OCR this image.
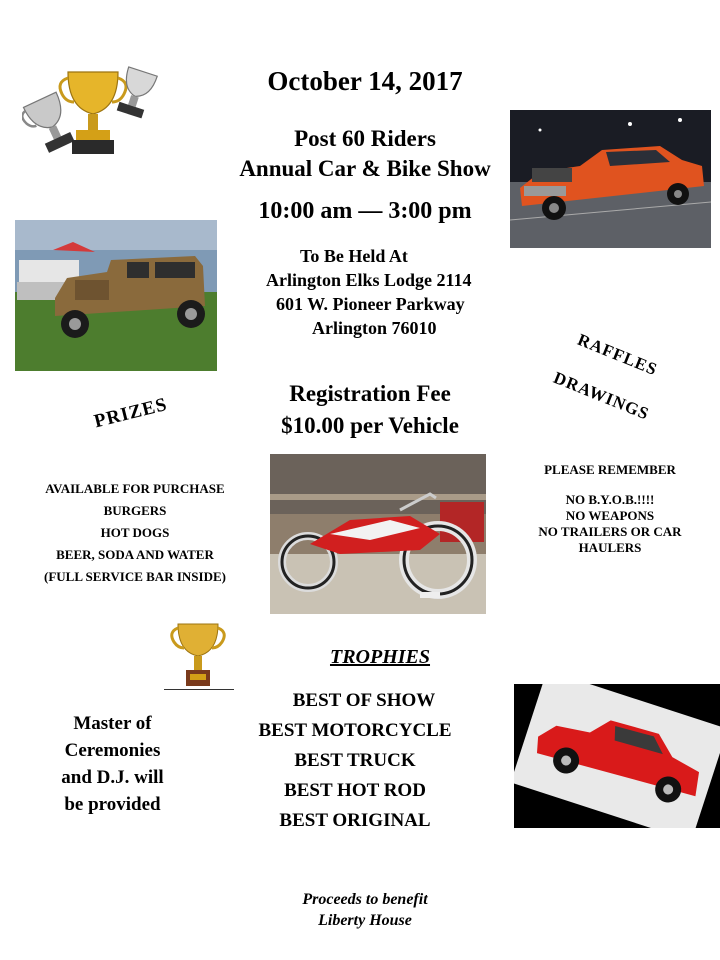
October 14, 2017
Post 60 Riders
Annual Car & Bike Show
10:00 am — 3:00 pm
To Be Held At
Arlington Elks Lodge 2114
601 W. Pioneer Parkway
Arlington 76010
Registration Fee
$10.00 per Vehicle
PRIZES
AVAILABLE FOR PURCHASE
BURGERS
HOT DOGS
BEER, SODA AND WATER
(FULL SERVICE BAR INSIDE)
RAFFLES
DRAWINGS
PLEASE REMEMBER
NO B.Y.O.B.!!!!
NO WEAPONS
NO TRAILERS OR CAR
HAULERS
TROPHIES
BEST OF SHOW
BEST MOTORCYCLE
BEST TRUCK
BEST HOT ROD
BEST ORIGINAL
Master of
Ceremonies
and D.J. will
be provided
Proceeds to benefit
Liberty House
